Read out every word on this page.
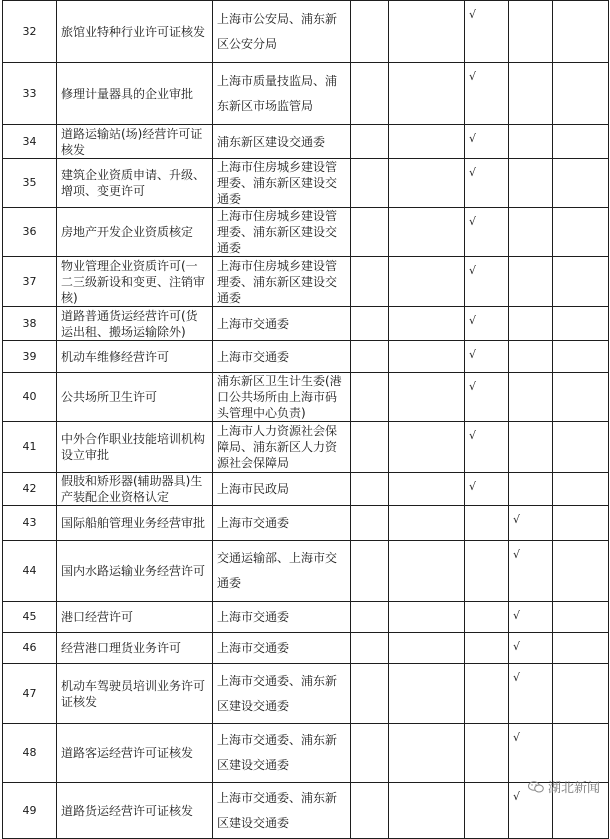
32	旅馆业特种行业许可证核发	上海市公安局、浦东新区公安分局			√		
33	修理计量器具的企业审批	上海市质量技监局、浦东新区市场监管局			√		
34	道路运输站(场)经营许可证核发	浦东新区建设交通委			√		
35	建筑企业资质申请、升级、增项、变更许可	上海市住房城乡建设管理委、浦东新区建设交通委			√		
36	房地产开发企业资质核定	上海市住房城乡建设管理委、浦东新区建设交通委			√		
37	物业管理企业资质许可(一二三级新设和变更、注销审核)	上海市住房城乡建设管理委、浦东新区建设交通委			√		
38	道路普通货运经营许可(货运出租、搬场运输除外)	上海市交通委			√		
39	机动车维修经营许可	上海市交通委			√		
40	公共场所卫生许可	浦东新区卫生计生委(港口公共场所由上海市码头管理中心负责)			√		
41	中外合作职业技能培训机构设立审批	上海市人力资源社会保障局、浦东新区人力资源社会保障局			√		
42	假肢和矫形器(辅助器具)生产装配企业资格认定	上海市民政局			√		
43	国际船舶管理业务经营审批	上海市交通委				√	
44	国内水路运输业务经营许可	交通运输部、上海市交通委				√	
45	港口经营许可	上海市交通委				√	
46	经营港口理货业务许可	上海市交通委				√	
47	机动车驾驶员培训业务许可证核发	上海市交通委、浦东新区建设交通委				√	
48	道路客运经营许可证核发	上海市交通委、浦东新区建设交通委				√	
49	道路货运经营许可证核发	上海市交通委、浦东新区建设交通委				√	
湖北新闻
